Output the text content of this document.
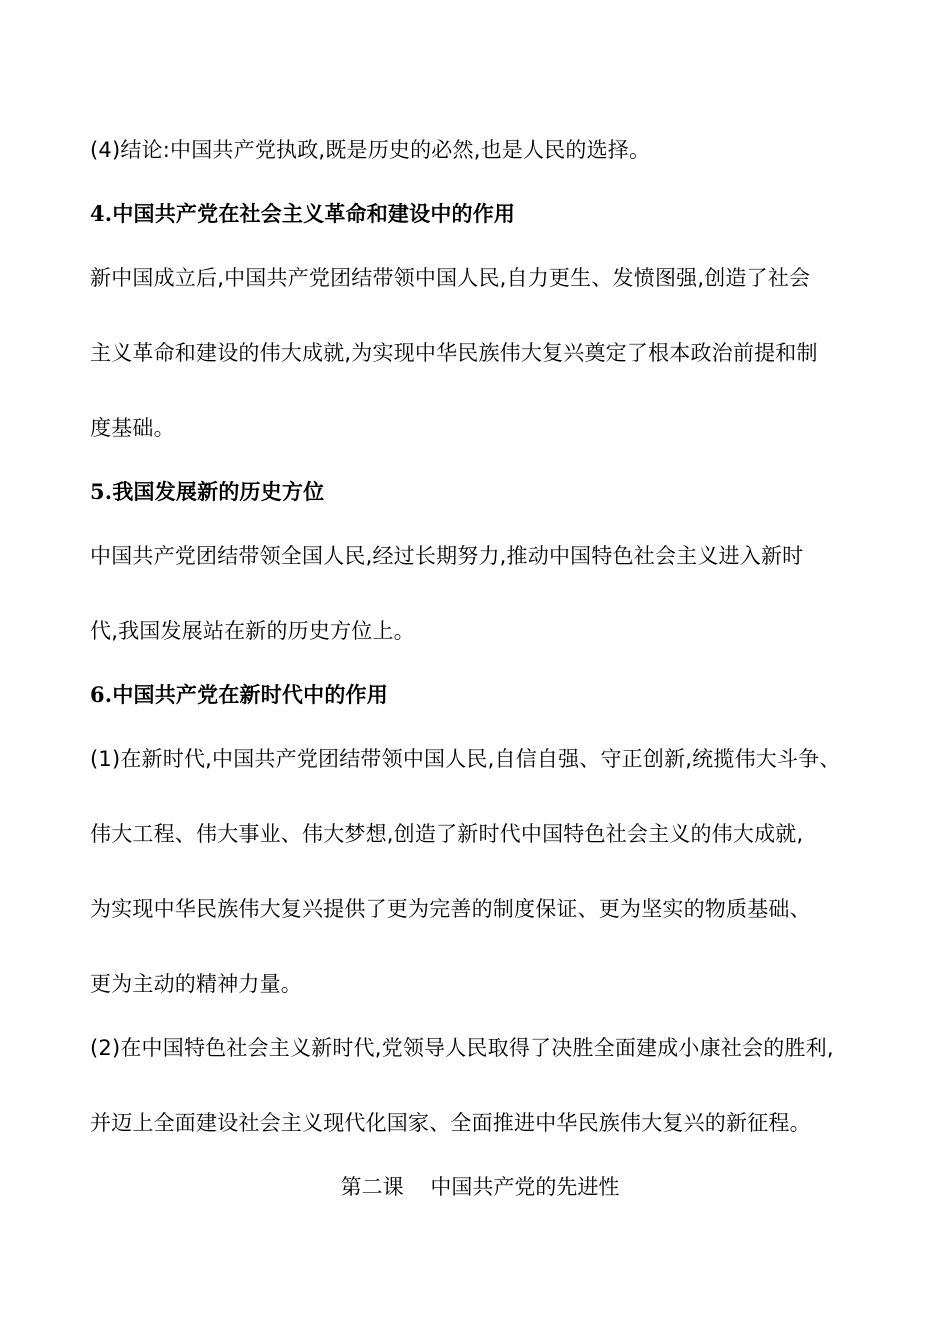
(4)结论:中国共产党执政,既是历史的必然,也是人民的选择。
4.中国共产党在社会主义革命和建设中的作用
新中国成立后,中国共产党团结带领中国人民,自力更生、发愤图强,创造了社会
主义革命和建设的伟大成就,为实现中华民族伟大复兴奠定了根本政治前提和制
度基础。
5.我国发展新的历史方位
中国共产党团结带领全国人民,经过长期努力,推动中国特色社会主义进入新时
代,我国发展站在新的历史方位上。
6.中国共产党在新时代中的作用
(1)在新时代,中国共产党团结带领中国人民,自信自强、守正创新,统揽伟大斗争、
伟大工程、伟大事业、伟大梦想,创造了新时代中国特色社会主义的伟大成就,
为实现中华民族伟大复兴提供了更为完善的制度保证、更为坚实的物质基础、
更为主动的精神力量。
(2)在中国特色社会主义新时代,党领导人民取得了决胜全面建成小康社会的胜利,
并迈上全面建设社会主义现代化国家、全面推进中华民族伟大复兴的新征程。
第二课    中国共产党的先进性
